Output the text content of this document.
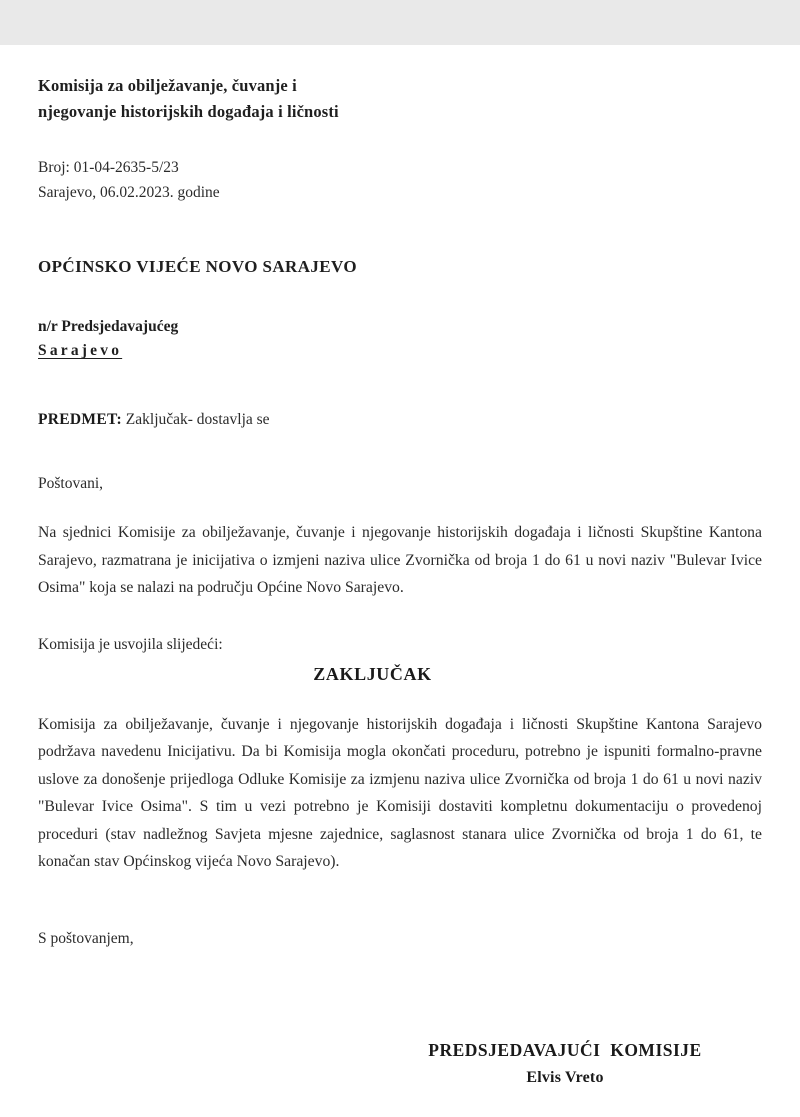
Komisija za obilježavanje, čuvanje i
njegovanje historijskih događaja i ličnosti
Broj: 01-04-2635-5/23
Sarajevo, 06.02.2023. godine
OPĆINSKO VIJEĆE NOVO SARAJEVO
n/r Predsjedavajućeg
Sarajevo
PREDMET: Zaključak- dostavlja se
Poštovani,
Na sjednici Komisije za obilježavanje, čuvanje i njegovanje historijskih događaja i ličnosti Skupštine Kantona Sarajevo, razmatrana je inicijativa o izmjeni naziva ulice Zvornička od broja 1 do 61 u novi naziv "Bulevar Ivice Osima" koja se nalazi na području Općine Novo Sarajevo.
Komisija je usvojila slijedeći:
ZAKLJUČAK
Komisija za obilježavanje, čuvanje i njegovanje historijskih događaja i ličnosti Skupštine Kantona Sarajevo podržava navedenu Inicijativu. Da bi Komisija mogla okončati proceduru, potrebno je ispuniti formalno-pravne uslove za donošenje prijedloga Odluke Komisije za izmjenu naziva ulice Zvornička od broja 1 do 61 u novi naziv "Bulevar Ivice Osima". S tim u vezi potrebno je Komisiji dostaviti kompletnu dokumentaciju o provedenoj proceduri (stav nadležnog Savjeta mjesne zajednice, saglasnost stanara ulice Zvornička od broja 1 do 61, te konačan stav Općinskog vijeća Novo Sarajevo).
S poštovanjem,
PREDSJEDAVAJUĆI  KOMISIJE
Elvis Vreto
